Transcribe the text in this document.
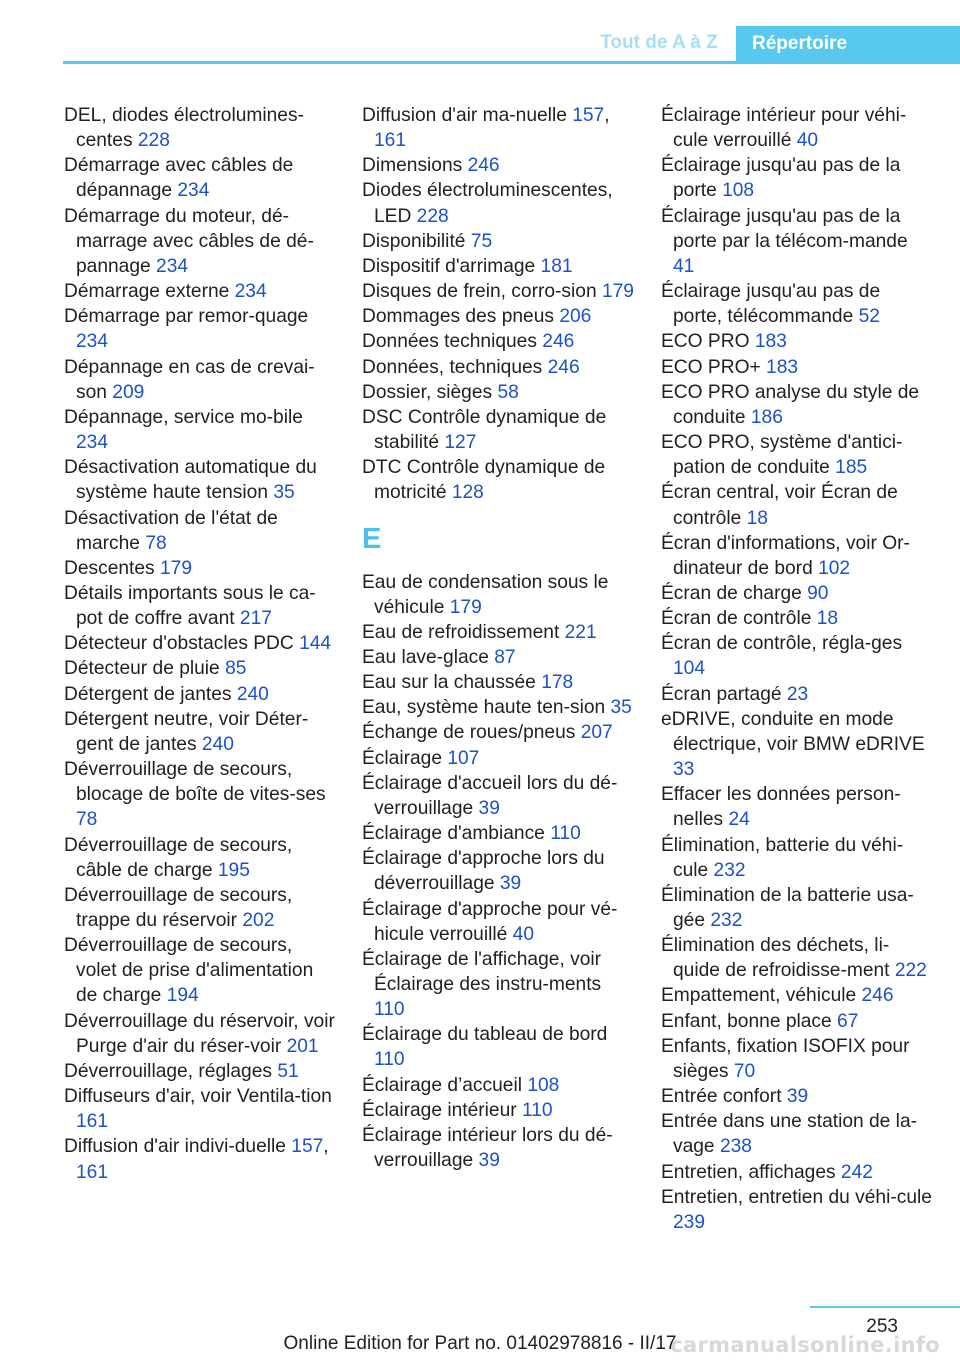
Tout de A à Z	Répertoire

DEL, diodes électrolumines-centes 228

Démarrage avec câbles de dépannage 234

Démarrage du moteur, dé-marrage avec câbles de dé-pannage 234

Démarrage externe 234

Démarrage par remor-quage 234

Dépannage en cas de crevai-son 209

Dépannage, service mo-bile 234

Désactivation automatique du système haute tension 35

Désactivation de l'état de marche 78

Descentes 179

Détails importants sous le ca-pot de coffre avant 217

Détecteur d'obstacles PDC 144

Détecteur de pluie 85

Détergent de jantes 240

Détergent neutre, voir Déter-gent de jantes 240

Déverrouillage de secours, blocage de boîte de vites-ses 78

Déverrouillage de secours, câble de charge 195

Déverrouillage de secours, trappe du réservoir 202

Déverrouillage de secours, volet de prise d'alimentation de charge 194

Déverrouillage du réservoir, voir Purge d'air du réser-voir 201

Déverrouillage, réglages 51

Diffuseurs d'air, voir Ventila-tion 161

Diffusion d'air indivi-duelle 157, 161

Diffusion d'air ma-nuelle 157, 161

Dimensions 246

Diodes électroluminescentes, LED 228

Disponibilité 75

Dispositif d'arrimage 181

Disques de frein, corro-sion 179

Dommages des pneus 206

Données techniques 246

Données, techniques 246

Dossier, sièges 58

DSC Contrôle dynamique de stabilité 127

DTC Contrôle dynamique de motricité 128

E

Eau de condensation sous le véhicule 179

Eau de refroidissement 221

Eau lave-glace 87

Eau sur la chaussée 178

Eau, système haute ten-sion 35

Échange de roues/pneus 207

Éclairage 107

Éclairage d'accueil lors du dé-verrouillage 39

Éclairage d'ambiance 110

Éclairage d'approche lors du déverrouillage 39

Éclairage d'approche pour vé-hicule verrouillé 40

Éclairage de l'affichage, voir Éclairage des instru-ments 110

Éclairage du tableau de bord 110

Éclairage d’accueil 108

Éclairage intérieur 110

Éclairage intérieur lors du dé-verrouillage 39

Éclairage intérieur pour véhi-cule verrouillé 40

Éclairage jusqu'au pas de la porte 108

Éclairage jusqu'au pas de la porte par la télécom-mande 41

Éclairage jusqu'au pas de porte, télécommande 52

ECO PRO 183

ECO PRO+ 183

ECO PRO analyse du style de conduite 186

ECO PRO, système d'antici-pation de conduite 185

Écran central, voir Écran de contrôle 18

Écran d'informations, voir Or-dinateur de bord 102

Écran de charge 90

Écran de contrôle 18

Écran de contrôle, régla-ges 104

Écran partagé 23

eDRIVE, conduite en mode électrique, voir BMW eDRIVE 33

Effacer les données person-nelles 24

Élimination, batterie du véhi-cule 232

Élimination de la batterie usa-gée 232

Élimination des déchets, li-quide de refroidisse-ment 222

Empattement, véhicule 246

Enfant, bonne place 67

Enfants, fixation ISOFIX pour sièges 70

Entrée confort 39

Entrée dans une station de la-vage 238

Entretien, affichages 242

Entretien, entretien du véhi-cule 239

253
carmanualsonline.info
Online Edition for Part no. 01402978816 - II/17
